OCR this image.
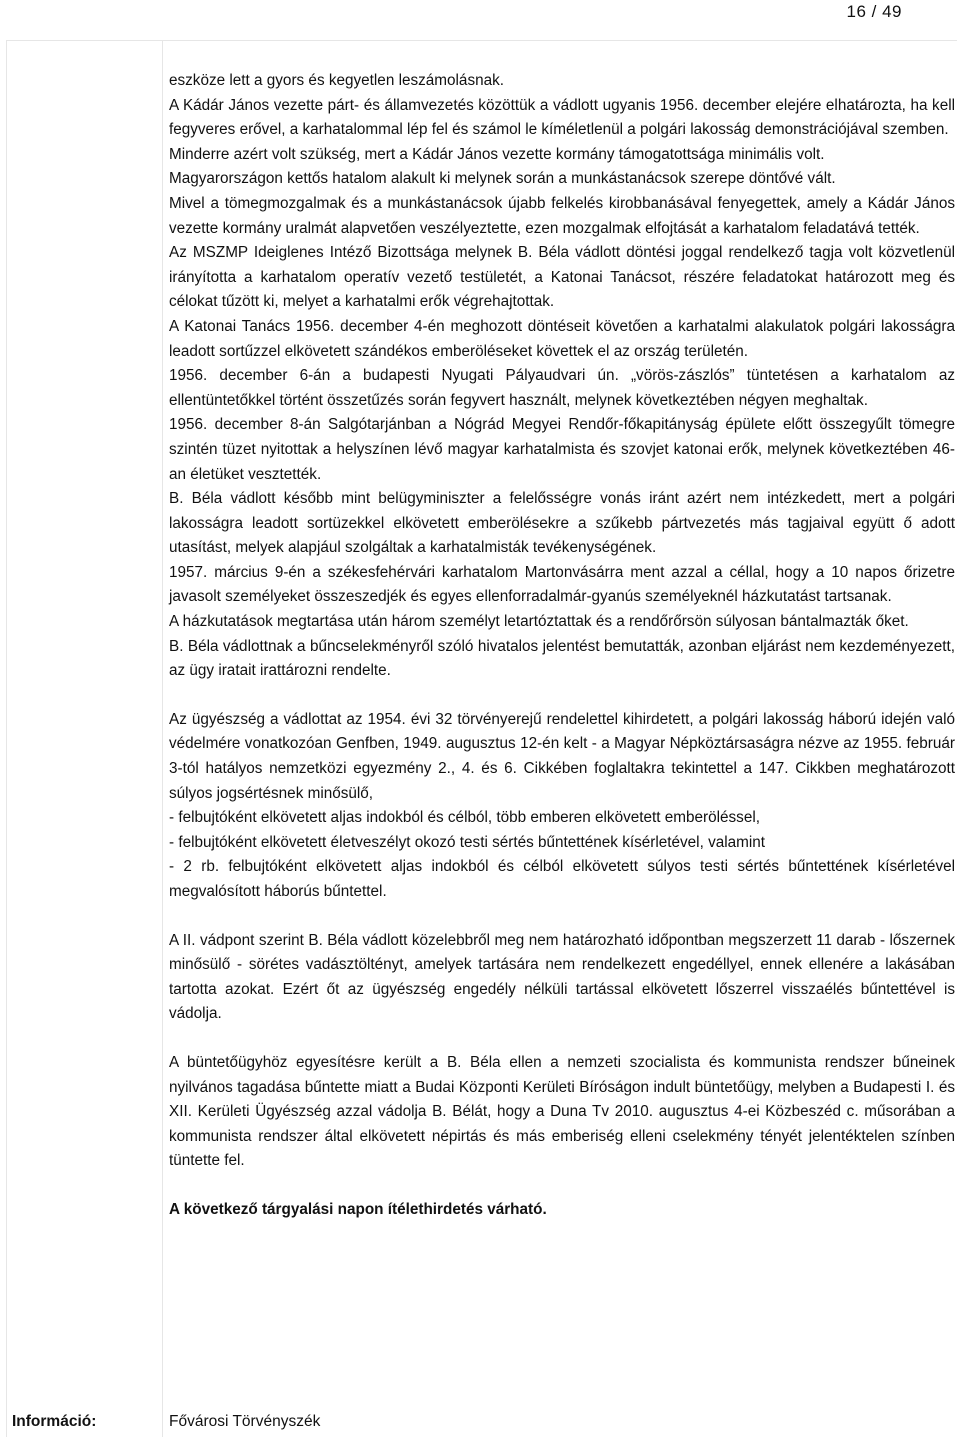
16 / 49
Információ:

eszköze lett a gyors és kegyetlen leszámolásnak.

A Kádár János vezette párt- és államvezetés közöttük a vádlott ugyanis 1956. december elejére elhatározta, ha kell fegyveres erővel, a karhatalommal lép fel és számol le kíméletlenül a polgári lakosság demonstrációjával szemben.

Minderre azért volt szükség, mert a Kádár János vezette kormány támogatottsága minimális volt.

Magyarországon kettős hatalom alakult ki melynek során a munkástanácsok szerepe döntővé vált.

Mivel a tömegmozgalmak és a munkástanácsok újabb felkelés kirobbanásával fenyegettek, amely a Kádár János vezette kormány uralmát alapvetően veszélyeztette, ezen mozgalmak elfojtását a karhatalom feladatává tették.

Az MSZMP Ideiglenes Intéző Bizottsága melynek B. Béla vádlott döntési joggal rendelkező tagja volt közvetlenül irányította a karhatalom operatív vezető testületét, a Katonai Tanácsot, részére feladatokat határozott meg és célokat tűzött ki, melyet a karhatalmi erők végrehajtottak.

A Katonai Tanács 1956. december 4-én meghozott döntéseit követően a karhatalmi alakulatok polgári lakosságra leadott sortűzzel elkövetett szándékos emberöléseket követtek el az ország területén.

1956. december 6-án a budapesti Nyugati Pályaudvari ún. „vörös-zászlós” tüntetésen a karhatalom az ellentüntetőkkel történt összetűzés során fegyvert használt, melynek következtében négyen meghaltak.

1956. december 8-án Salgótarjánban a Nógrád Megyei Rendőr-főkapitányság épülete előtt összegyűlt tömegre szintén tüzet nyitottak a helyszínen lévő magyar karhatalmista és szovjet katonai erők, melynek következtében 46-an életüket vesztették.

B. Béla vádlott később mint belügyminiszter a felelősségre vonás iránt azért nem intézkedett, mert a polgári lakosságra leadott sortüzekkel elkövetett emberölésekre a szűkebb pártvezetés más tagjaival együtt ő adott utasítást, melyek alapjául szolgáltak a karhatalmisták tevékenységének.

1957. március 9-én a székesfehérvári karhatalom Martonvásárra ment azzal a céllal, hogy a 10 napos őrizetre javasolt személyeket összeszedjék és egyes ellenforradalmár-gyanús személyeknél házkutatást tartsanak.

A házkutatások megtartása után három személyt letartóztattak és a rendőrőrsön súlyosan bántalmazták őket.

B. Béla vádlottnak a bűncselekményről szóló hivatalos jelentést bemutatták, azonban eljárást nem kezdeményezett, az ügy iratait irattározni rendelte.

Az ügyészség a vádlottat az 1954. évi 32 törvényerejű rendelettel kihirdetett, a polgári lakosság háború idején való védelmére vonatkozóan Genfben, 1949. augusztus 12-én kelt - a Magyar Népköztársaságra nézve az 1955. február 3-tól hatályos nemzetközi egyezmény 2., 4. és 6. Cikkében foglaltakra tekintettel a 147. Cikkben meghatározott súlyos jogsértésnek minősülő,

- felbujtóként elkövetett aljas indokból és célból, több emberen elkövetett emberöléssel,

- felbujtóként elkövetett életveszélyt okozó testi sértés bűntettének kísérletével, valamint

- 2 rb. felbujtóként elkövetett aljas indokból és célból elkövetett súlyos testi sértés bűntettének kísérletével megvalósított háborús bűntettel.

A II. vádpont szerint B. Béla vádlott közelebbről meg nem határozható időpontban megszerzett 11 darab - lőszernek minősülő - sörétes vadásztöltényt, amelyek tartására nem rendelkezett engedéllyel, ennek ellenére a lakásában tartotta azokat. Ezért őt az ügyészség engedély nélküli tartással elkövetett lőszerrel visszaélés bűntettével is vádolja.

A büntetőügyhöz egyesítésre került a B. Béla ellen a nemzeti szocialista és kommunista rendszer bűneinek nyilvános tagadása bűntette miatt a Budai Központi Kerületi Bíróságon indult büntetőügy, melyben a Budapesti I. és XII. Kerületi Ügyészség azzal vádolja B. Bélát, hogy a Duna Tv 2010. augusztus 4-ei Közbeszéd c. műsorában a kommunista rendszer által elkövetett népirtás és más emberiség elleni cselekmény tényét jelentéktelen színben tüntette fel.

A következő tárgyalási napon ítélethirdetés várható.

Fővárosi Törvényszék
